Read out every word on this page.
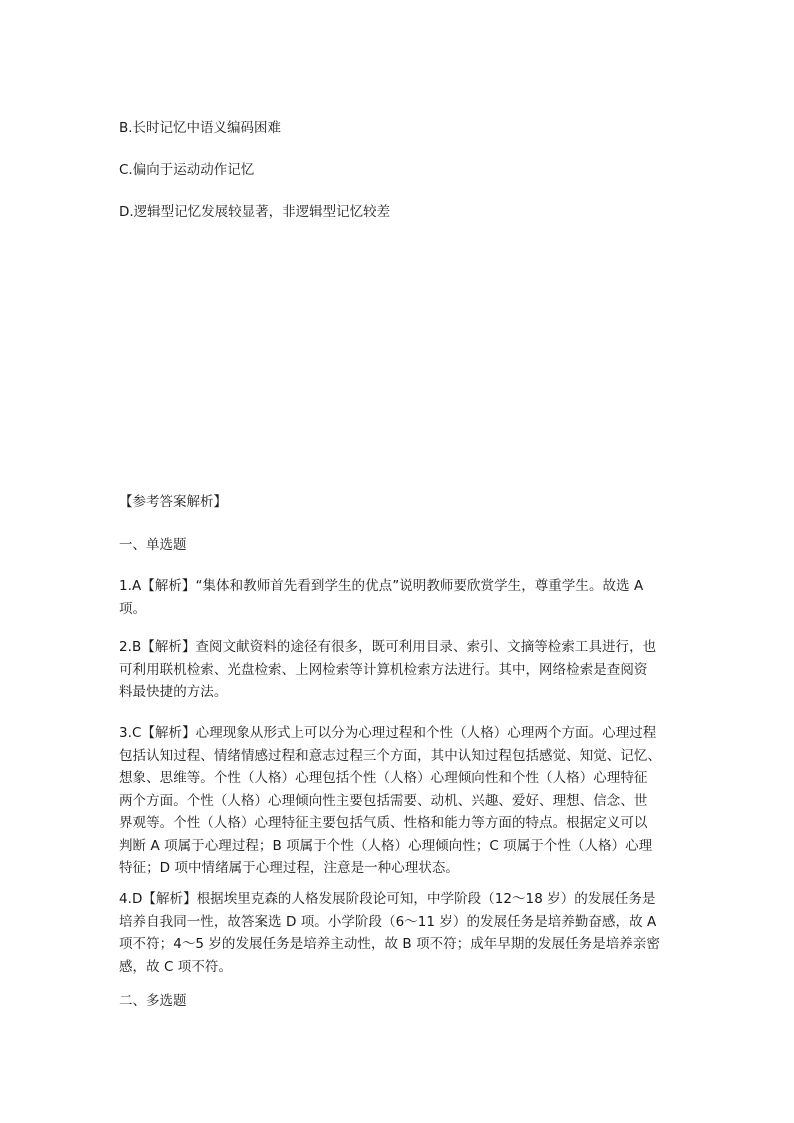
B.长时记忆中语义编码困难
C.偏向于运动动作记忆
D.逻辑型记忆发展较显著，非逻辑型记忆较差
【参考答案解析】
一、单选题
1.A【解析】“集体和教师首先看到学生的优点”说明教师要欣赏学生，尊重学生。故选 A
项。
2.B【解析】查阅文献资料的途径有很多，既可利用目录、索引、文摘等检索工具进行，也
可利用联机检索、光盘检索、上网检索等计算机检索方法进行。其中，网络检索是查阅资
料最快捷的方法。
3.C【解析】心理现象从形式上可以分为心理过程和个性（人格）心理两个方面。心理过程
包括认知过程、情绪情感过程和意志过程三个方面，其中认知过程包括感觉、知觉、记忆、
想象、思维等。个性（人格）心理包括个性（人格）心理倾向性和个性（人格）心理特征
两个方面。个性（人格）心理倾向性主要包括需要、动机、兴趣、爱好、理想、信念、世
界观等。个性（人格）心理特征主要包括气质、性格和能力等方面的特点。根据定义可以
判断 A 项属于心理过程；B 项属于个性（人格）心理倾向性；C 项属于个性（人格）心理
特征；D 项中情绪属于心理过程，注意是一种心理状态。
4.D【解析】根据埃里克森的人格发展阶段论可知，中学阶段（12～18 岁）的发展任务是
培养自我同一性，故答案选 D 项。小学阶段（6～11 岁）的发展任务是培养勤奋感，故 A
项不符；4～5 岁的发展任务是培养主动性，故 B 项不符；成年早期的发展任务是培养亲密
感，故 C 项不符。
二、多选题
